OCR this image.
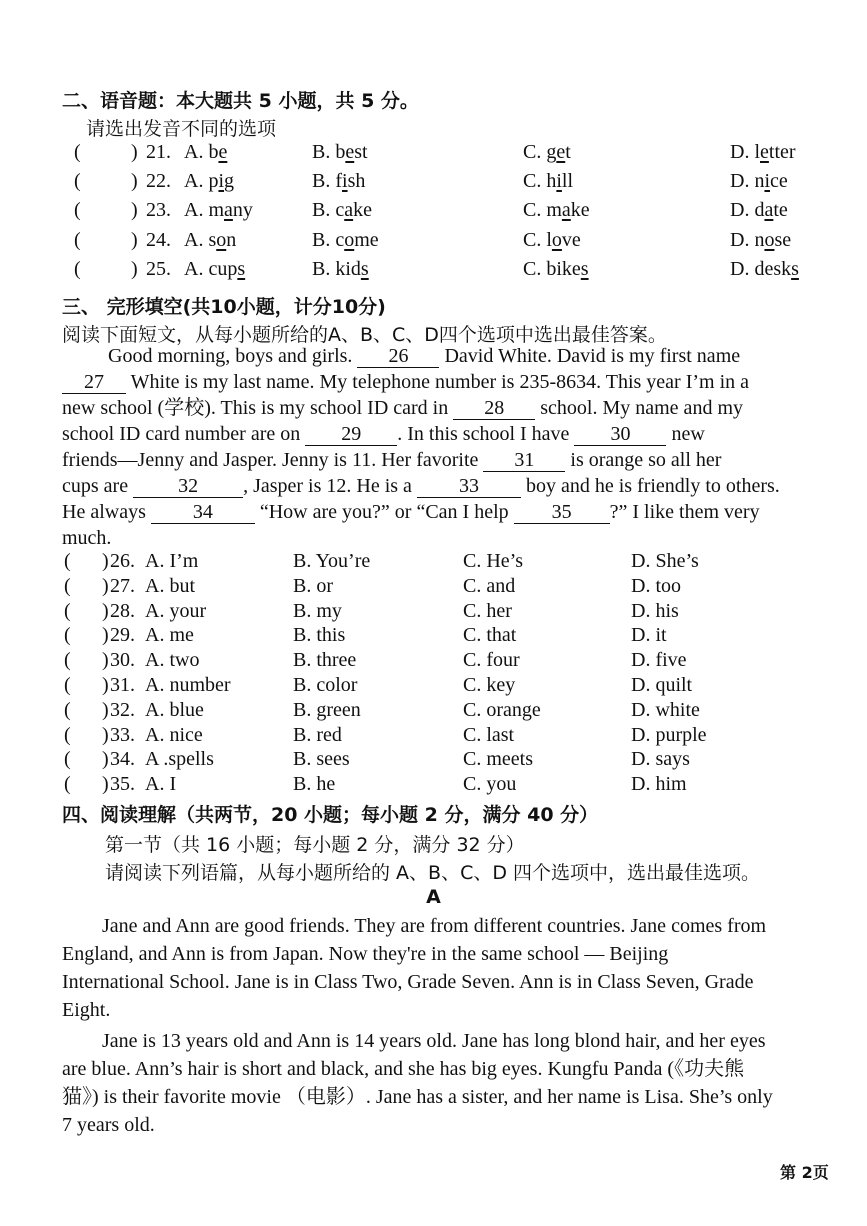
二、语音题：本大题共 5 小题，共 5 分。
请选出发音不同的选项
(	) 21. A. be	B. best	C. get	D. letter
(	) 22. A. pig	B. fish	C. hill	D. nice
(	) 23. A. many	B. cake	C. make	D. date
(	) 24. A. son	B. come	C. love	D. nose
(	) 25. A. cups	B. kids	C. bikes	D. desks
三、 完形填空(共10小题，计分10分)
阅读下面短文，从每小题所给的A、B、C、D四个选项中选出最佳答案。
Good morning, boys and girls. 26 David White. David is my first name
27 White is my last name. My telephone number is 235-8634. This year I’m in a
new school (学校). This is my school ID card in 28 school. My name and my
school ID card number are on 29 . In this school I have 30 new
friends—Jenny and Jasper. Jenny is 11. Her favorite 31 is orange so all her
cups are 32 , Jasper is 12. He is a 33 boy and he is friendly to others.
He always 34 “How are you?” or “Can I help 35 ?” I like them very
much.
( ) 26. A. I’m	B. You’re	C. He’s	D. She’s
( ) 27. A. but	B. or	C. and	D. too
( ) 28. A. your	B. my	C. her	D. his
( ) 29. A. me	B. this	C. that	D. it
( ) 30. A. two	B. three	C. four	D. five
( ) 31. A. number	B. color	C. key	D. quilt
( ) 32. A. blue	B. green	C. orange	D. white
( ) 33. A. nice	B. red	C. last	D. purple
( ) 34. A .spells	B. sees	C. meets	D. says
( ) 35. A. I	B. he	C. you	D. him
四、阅读理解（共两节，20 小题；每小题 2 分，满分 40 分）
第一节（共 16 小题；每小题 2 分，满分 32 分）
请阅读下列语篇，从每小题所给的 A、B、C、D 四个选项中，选出最佳选项。
A
Jane and Ann are good friends. They are from different countries. Jane comes from
England, and Ann is from Japan. Now they're in the same school — Beijing
International School. Jane is in Class Two, Grade Seven. Ann is in Class Seven, Grade
Eight.
Jane is 13 years old and Ann is 14 years old. Jane has long blond hair, and her eyes
are blue. Ann’s hair is short and black, and she has big eyes. Kungfu Panda (《功夫熊
猫》) is their favorite movie （电影）. Jane has a sister, and her name is Lisa. She’s only
7 years old.
第 2页
